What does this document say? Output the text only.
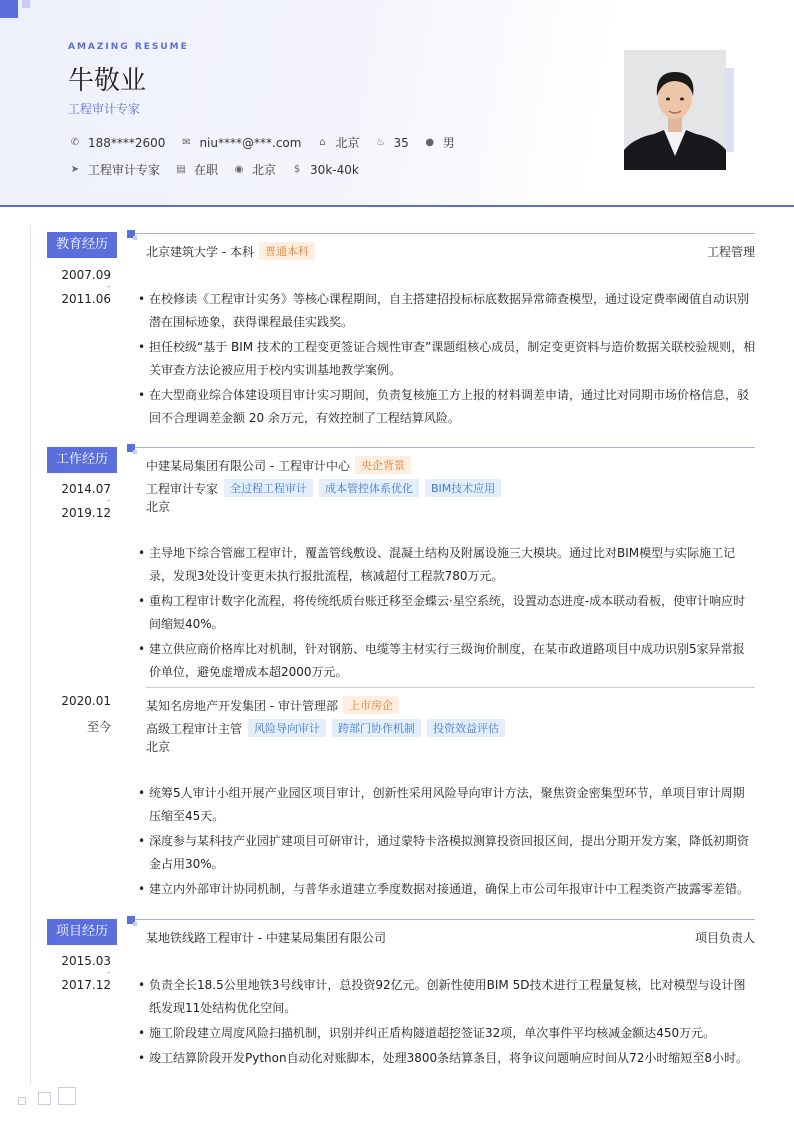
AMAZING RESUME
牛敬业
工程审计专家
✆ 188****2600 ✉ niu****@***.com	⌂ 北京 ♨ 35 ● 男
➤ 工程审计专家 ▤ 在职 ◉ 北京	$ 30k-40k
教育经历
2007.09
-
2011.06
北京建筑大学 - 本科	普通本科	工程管理
• 在校修读《工程审计实务》等核心课程期间，自主搭建招投标标底数据异常筛查模型，通过设定费率阈值自动识别潜在围标迹象，获得课程最佳实践奖。
• 担任校级“基于 BIM 技术的工程变更签证合规性审查”课题组核心成员，制定变更资料与造价数据关联校验规则，相关审查方法论被应用于校内实训基地教学案例。
• 在大型商业综合体建设项目审计实习期间，负责复核施工方上报的材料调差申请，通过比对同期市场价格信息，驳回不合理调差金额 20 余万元，有效控制了工程结算风险。
工作经历
2014.07
-
2019.12
中建某局集团有限公司 - 工程审计中心	央企背景
工程审计专家	全过程工程审计	成本管控体系优化	BIM技术应用
北京
• 主导地下综合管廊工程审计，覆盖管线敷设、混凝土结构及附属设施三大模块。通过比对BIM模型与实际施工记录，发现3处设计变更未执行报批流程，核减超付工程款780万元。
• 重构工程审计数字化流程，将传统纸质台账迁移至金蝶云·星空系统，设置动态进度-成本联动看板，使审计响应时间缩短40%。
• 建立供应商价格库比对机制，针对钢筋、电缆等主材实行三级询价制度，在某市政道路项目中成功识别5家异常报价单位，避免虚增成本超2000万元。
2020.01
至今
某知名房地产开发集团 - 审计管理部	上市房企
高级工程审计主管	风险导向审计	跨部门协作机制	投资效益评估
北京
• 统筹5人审计小组开展产业园区项目审计，创新性采用风险导向审计方法，聚焦资金密集型环节，单项目审计周期压缩至45天。
• 深度参与某科技产业园扩建项目可研审计，通过蒙特卡洛模拟测算投资回报区间，提出分期开发方案，降低初期资金占用30%。
• 建立内外部审计协同机制，与普华永道建立季度数据对接通道，确保上市公司年报审计中工程类资产披露零差错。
项目经历
2015.03
-
2017.12
某地铁线路工程审计 - 中建某局集团有限公司	项目负责人
• 负责全长18.5公里地铁3号线审计，总投资92亿元。创新性使用BIM 5D技术进行工程量复核，比对模型与设计图纸发现11处结构优化空间。
• 施工阶段建立周度风险扫描机制，识别并纠正盾构隧道超挖签证32项，单次事件平均核减金额达450万元。
• 竣工结算阶段开发Python自动化对账脚本，处理3800条结算条目，将争议问题响应时间从72小时缩短至8小时。
